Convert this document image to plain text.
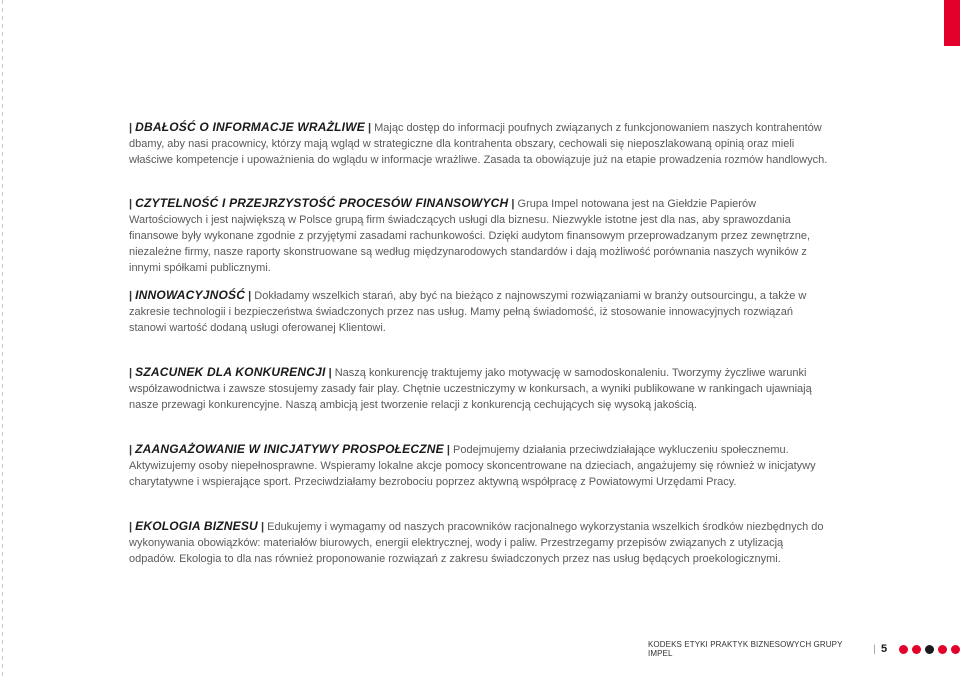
| DBAŁOŚĆ O INFORMACJE WRAŻLIWE | Mając dostęp do informacji poufnych związanych z funkcjonowaniem naszych kontrahentów dbamy, aby nasi pracownicy, którzy mają wgląd w strategiczne dla kontrahenta obszary, cechowali się nieposzlakowaną opinią oraz mieli właściwe kompetencje i upoważnienia do wglądu w informacje wrażliwe. Zasada ta obowiązuje już na etapie prowadzenia rozmów handlowych.
| CZYTELNOŚĆ I PRZEJRZYSTOŚĆ PROCESÓW FINANSOWYCH | Grupa Impel notowana jest na Giełdzie Papierów Wartościowych i jest największą w Polsce grupą firm świadczących usługi dla biznesu. Niezwykle istotne jest dla nas, aby sprawozdania finansowe były wykonane zgodnie z przyjętymi zasadami rachunkowości. Dzięki audytom finansowym przeprowadzanym przez zewnętrzne, niezależne firmy, nasze raporty skonstruowane są według międzynarodowych standardów i dają możliwość porównania naszych wyników z innymi spółkami publicznymi.
| INNOWACYJNOŚĆ | Dokładamy wszelkich starań, aby być na bieżąco z najnowszymi rozwiązaniami w branży outsourcingu, a także w zakresie technologii i bezpieczeństwa świadczonych przez nas usług. Mamy pełną świadomość, iż stosowanie innowacyjnych rozwiązań stanowi wartość dodaną usługi oferowanej Klientowi.
| SZACUNEK DLA KONKURENCJI | Naszą konkurencję traktujemy jako motywację w samodoskonaleniu. Tworzymy życzliwe warunki współzawodnictwa i zawsze stosujemy zasady fair play. Chętnie uczestniczymy w konkursach, a wyniki publikowane w rankingach ujawniają nasze przewagi konkurencyjne. Naszą ambicją jest tworzenie relacji z konkurencją cechujących się wysoką jakością.
| ZAANGAŻOWANIE W INICJATYWY PROSPOŁECZNE | Podejmujemy działania przeciwdziałające wykluczeniu społecznemu. Aktywizujemy osoby niepełnosprawne. Wspieramy lokalne akcje pomocy skoncentrowane na dzieciach, angażujemy się również w inicjatywy charytatywne i wspierające sport. Przeciwdziałamy bezrobociu poprzez aktywną współpracę z Powiatowymi Urzędami Pracy.
| EKOLOGIA BIZNESU | Edukujemy i wymagamy od naszych pracowników racjonalnego wykorzystania wszelkich środków niezbędnych do wykonywania obowiązków: materiałów biurowych, energii elektrycznej, wody i paliw. Przestrzegamy przepisów związanych z utylizacją odpadów. Ekologia to dla nas również proponowanie rozwiązań z zakresu świadczonych przez nas usług będących proekologicznymi.
KODEKS ETYKI PRAKTYK BIZNESOWYCH GRUPY IMPEL	| 5
